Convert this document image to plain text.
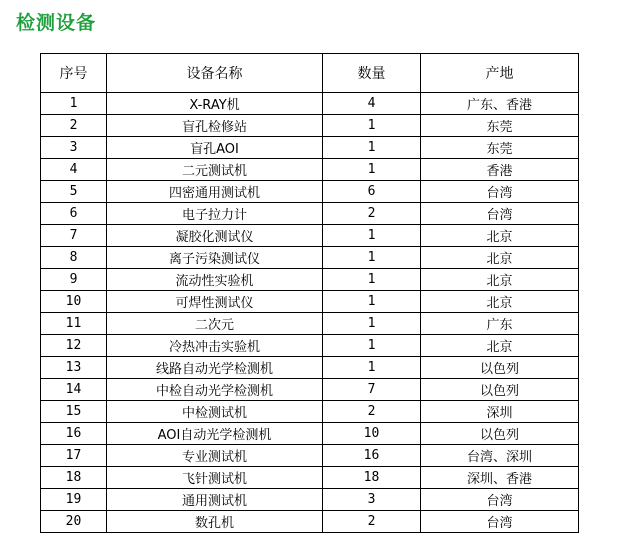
检测设备
序号	设备名称	数量	产地
1	X-RAY机	4	广东、香港
2	盲孔检修站	1	东莞
3	盲孔AOI	1	东莞
4	二元测试机	1	香港
5	四密通用测试机	6	台湾
6	电子拉力计	2	台湾
7	凝胶化测试仪	1	北京
8	离子污染测试仪	1	北京
9	流动性实验机	1	北京
10	可焊性测试仪	1	北京
11	二次元	1	广东
12	冷热冲击实验机	1	北京
13	线路自动光学检测机	1	以色列
14	中检自动光学检测机	7	以色列
15	中检测试机	2	深圳
16	AOI自动光学检测机	10	以色列
17	专业测试机	16	台湾、深圳
18	飞针测试机	18	深圳、香港
19	通用测试机	3	台湾
20	数孔机	2	台湾
